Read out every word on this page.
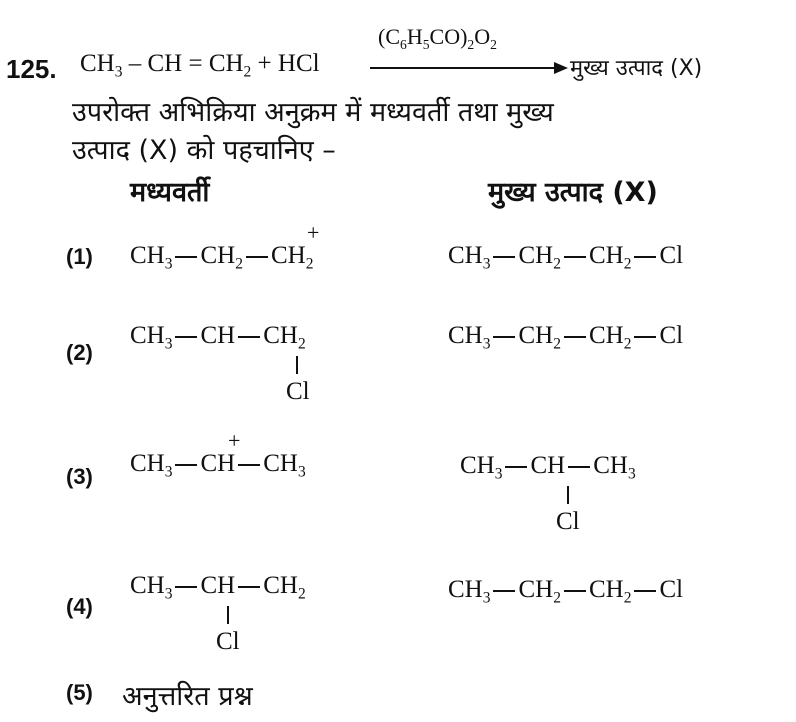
125. $CH_3$ – CH = $CH_2$ + HCl
$(C_6H_5CO)_2O_2$
मुख्य उत्पाद (X)
उपरोक्त अभिक्रिया अनुक्रम में मध्यवर्ती तथा मुख्य
उत्पाद (X) को पहचानिए –
मध्यवर्ती	मुख्य उत्पाद (X)
(1) $CH_3$ $CH_2$ $CH_2$
+
$CH_3$ $CH_2$ $CH_2$ Cl
(2)
$CH_3$ CH $CH_2$
Cl
$CH_3$ $CH_2$ $CH_2$ Cl
(3) $CH_3$ CH $CH_3$
+
$CH_3$ CH $CH_3$
Cl
(4)
$CH_3$ CH $CH_2$
Cl
$CH_3$ $CH_2$ $CH_2$ Cl
(5) अनुत्तरित प्रश्न
